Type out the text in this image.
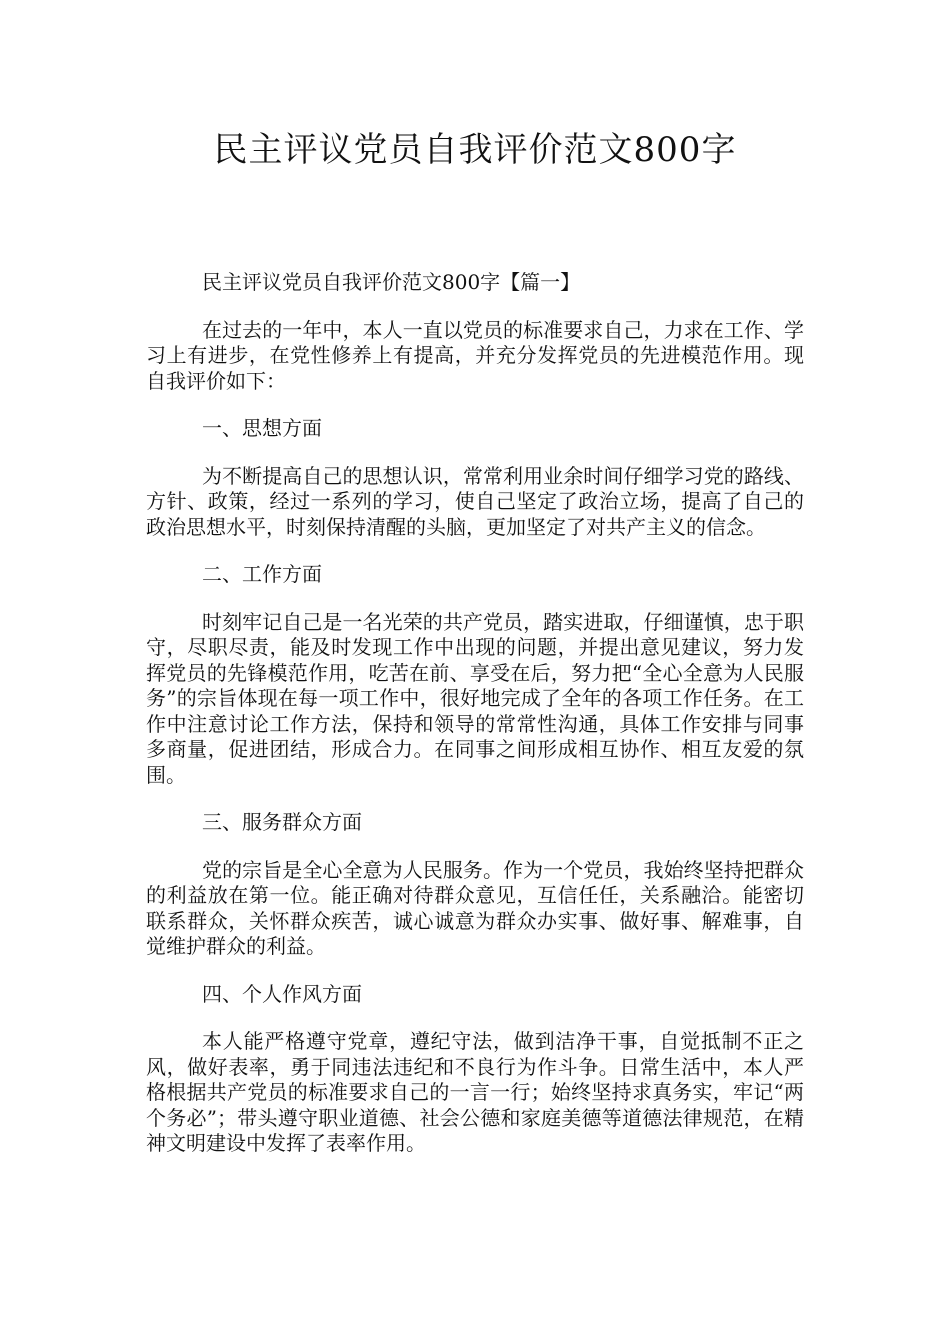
民主评议党员自我评价范文800字

民主评议党员自我评价范文800字【篇一】

在过去的一年中，本人一直以党员的标准要求自己，力求在工作、学习上有进步，在党性修养上有提高，并充分发挥党员的先进模范作用。现自我评价如下：

一、思想方面

为不断提高自己的思想认识，常常利用业余时间仔细学习党的路线、方针、政策，经过一系列的学习，使自己坚定了政治立场，提高了自己的政治思想水平，时刻保持清醒的头脑，更加坚定了对共产主义的信念。

二、工作方面

时刻牢记自己是一名光荣的共产党员，踏实进取，仔细谨慎，忠于职守，尽职尽责，能及时发现工作中出现的问题，并提出意见建议，努力发挥党员的先锋模范作用，吃苦在前、享受在后，努力把“全心全意为人民服务”的宗旨体现在每一项工作中，很好地完成了全年的各项工作任务。在工作中注意讨论工作方法，保持和领导的常常性沟通，具体工作安排与同事多商量，促进团结，形成合力。在同事之间形成相互协作、相互友爱的氛围。

三、服务群众方面

党的宗旨是全心全意为人民服务。作为一个党员，我始终坚持把群众的利益放在第一位。能正确对待群众意见，互信任任，关系融洽。能密切联系群众，关怀群众疾苦，诚心诚意为群众办实事、做好事、解难事，自觉维护群众的利益。

四、个人作风方面

本人能严格遵守党章，遵纪守法，做到洁净干事，自觉抵制不正之风，做好表率，勇于同违法违纪和不良行为作斗争。日常生活中，本人严格根据共产党员的标准要求自己的一言一行；始终坚持求真务实，牢记“两个务必”；带头遵守职业道德、社会公德和家庭美德等道德法律规范，在精神文明建设中发挥了表率作用。
